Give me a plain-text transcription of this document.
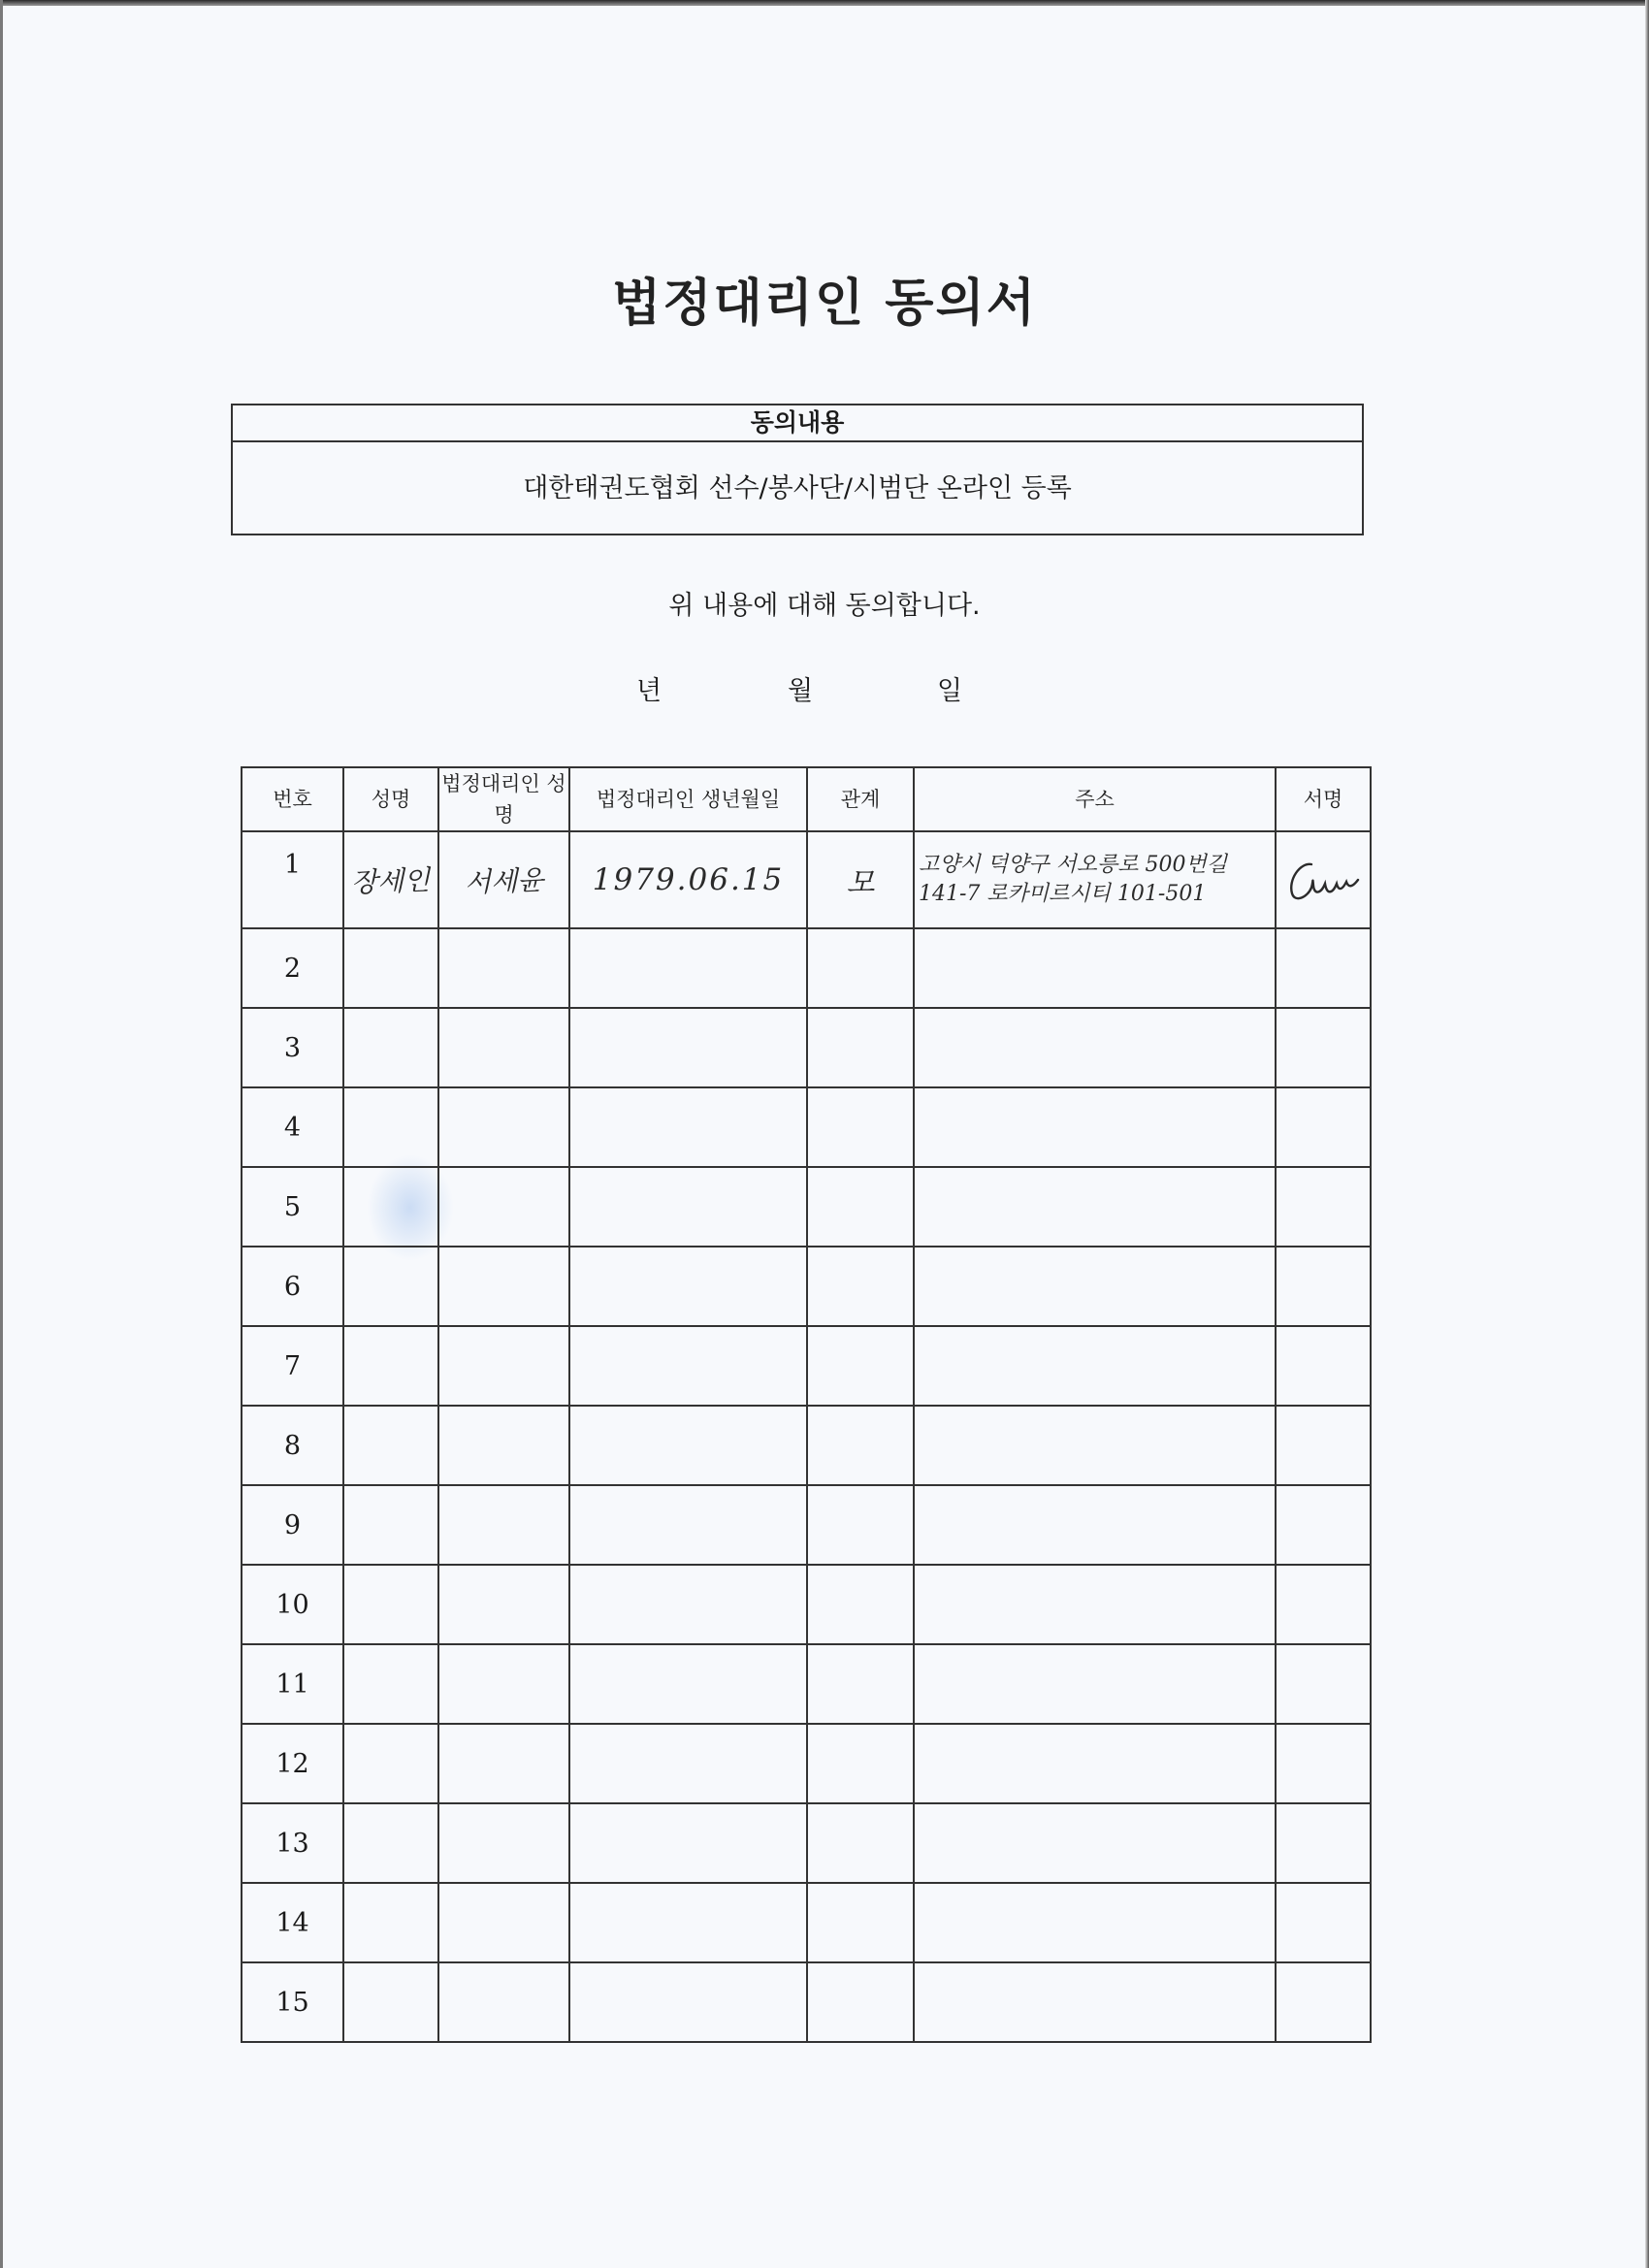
법정대리인 동의서
동의내용
대한태권도협회 선수/봉사단/시범단 온라인 등록
위 내용에 대해 동의합니다.
년	월	일
번호	성명	법정대리인 성명	법정대리인 생년월일	관계	주소	서명
1	장세인	서세윤	1979.06.15	모	고양시 덕양구 서오릉로 500번길
141-7 로카미르시티 101-501

2						
3						
4						
5						
6						
7						
8						
9						
10						
11						
12						
13						
14						
15						
